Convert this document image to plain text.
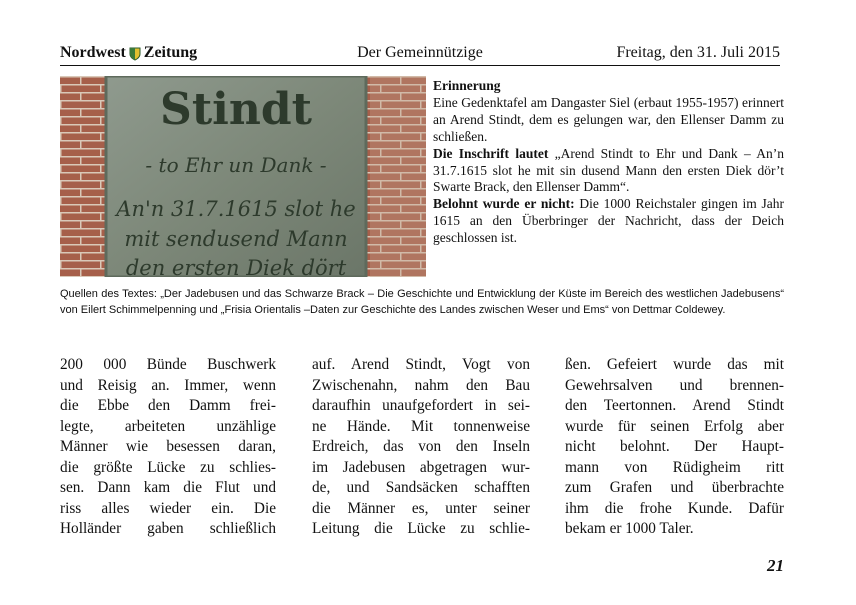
Nordwest Zeitung	Der Gemeinnützige	Freitag, den 31. Juli 2015
Stindt
- to Ehr un Dank -
An'n 31.7.1615 slot he
mit sendusend Mann
den ersten Diek dört

Erinnerung

Eine Gedenktafel am Dangaster Siel (erbaut 1955-1957) erinnert an Arend Stindt, dem es gelungen war, den Ellenser Damm zu schließen.

Die Inschrift lautet „Arend Stindt to Ehr und Dank – An’n 31.7.1615 slot he mit sin dusend Mann den ersten Diek dör’t Swarte Brack, den Ellenser Damm“.

Belohnt wurde er nicht: Die 1000 Reichstaler gingen im Jahr 1615 an den Überbringer der Nachricht, dass der Deich geschlossen ist.

Quellen des Textes: „Der Jadebusen und das Schwarze Brack – Die Geschichte und Entwicklung der Küste im Bereich des westlichen Jadebusens“ von Eilert Schimmelpenning und „Frisia Orientalis –Daten zur Geschichte des Landes zwischen Weser und Ems“ von Dettmar Coldewey.
200 000 Bünde Buschwerk
und Reisig an. Immer, wenn
die Ebbe den Damm frei-
legte, arbeiteten unzählige
Männer wie besessen daran,
die größte Lücke zu schlies-
sen. Dann kam die Flut und
riss alles wieder ein. Die
Holländer gaben schließlich
auf. Arend Stindt, Vogt von
Zwischenahn, nahm den Bau
daraufhin unaufgefordert in sei-
ne Hände. Mit tonnenweise
Erdreich, das von den Inseln
im Jadebusen abgetragen wur-
de, und Sandsäcken schafften
die Männer es, unter seiner
Leitung die Lücke zu schlie-
ßen. Gefeiert wurde das mit
Gewehrsalven und brennen-
den Teertonnen. Arend Stindt
wurde für seinen Erfolg aber
nicht belohnt. Der Haupt-
mann von Rüdigheim ritt
zum Grafen und überbrachte
ihm die frohe Kunde. Dafür
bekam er 1000 Taler.
21
